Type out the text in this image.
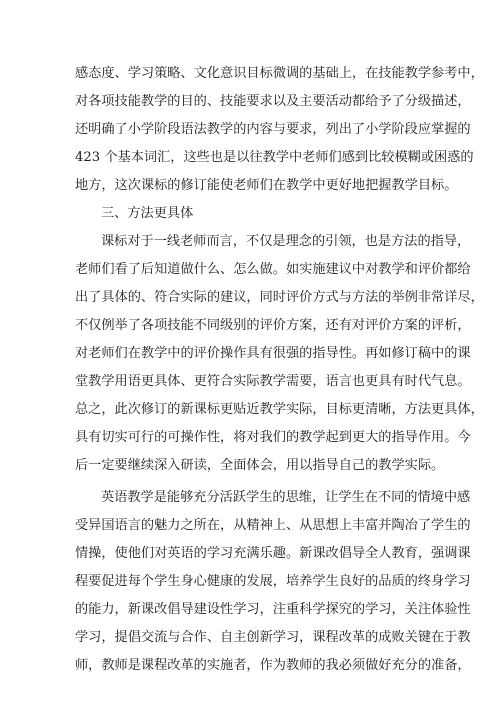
感态度、学习策略、文化意识目标微调的基础上，在技能教学参考中，
对各项技能教学的目的、技能要求以及主要活动都给予了分级描述，
还明确了小学阶段语法教学的内容与要求，列出了小学阶段应掌握的
423 个基本词汇，这些也是以往教学中老师们感到比较模糊或困惑的
地方，这次课标的修订能使老师们在教学中更好地把握教学目标。
三、方法更具体
课标对于一线老师而言，不仅是理念的引领，也是方法的指导，
老师们看了后知道做什么、怎么做。如实施建议中对教学和评价都给
出了具体的、符合实际的建议，同时评价方式与方法的举例非常详尽，
不仅例举了各项技能不同级别的评价方案，还有对评价方案的评析，
对老师们在教学中的评价操作具有很强的指导性。再如修订稿中的课
堂教学用语更具体、更符合实际教学需要，语言也更具有时代气息。
总之，此次修订的新课标更贴近教学实际，目标更清晰，方法更具体，
具有切实可行的可操作性，将对我们的教学起到更大的指导作用。今
后一定要继续深入研读，全面体会，用以指导自己的教学实际。
英语教学是能够充分活跃学生的思维，让学生在不同的情境中感
受异国语言的魅力之所在，从精神上、从思想上丰富并陶冶了学生的
情操，使他们对英语的学习充满乐趣。新课改倡导全人教育，强调课
程要促进每个学生身心健康的发展，培养学生良好的品质的终身学习
的能力，新课改倡导建设性学习，注重科学探究的学习，关注体验性
学习，提倡交流与合作、自主创新学习，课程改革的成败关键在于教
师，教师是课程改革的实施者，作为教师的我必须做好充分的准备，
